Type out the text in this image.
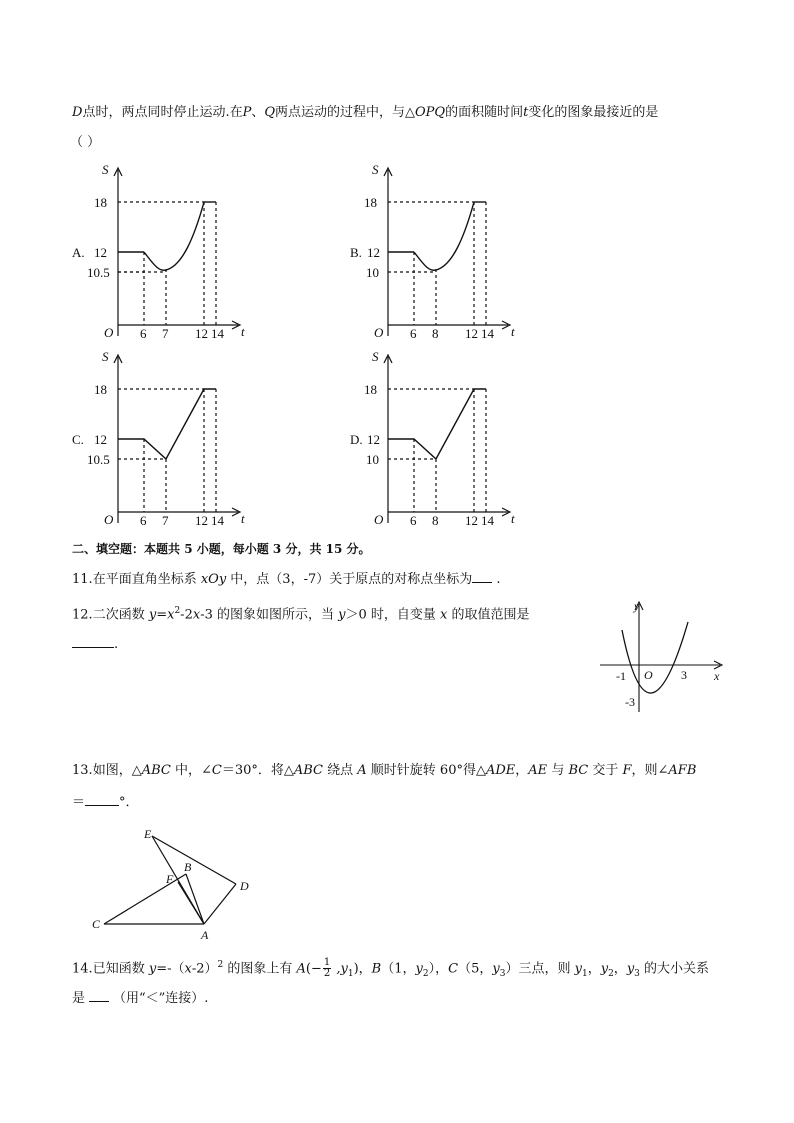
D点时，两点同时停止运动.在P、Q两点运动的过程中，与△OPQ的面积随时间t变化的图象最接近的是
（ ）
S
18
A. 12
10.5
O 6 7 12 14 t
S
18
B. 12
10
O 6 8 12 14 t
S
18
C. 12
10.5
O 6 7 12 14 t
S
18
D. 12
10
O 6 8 12 14 t
二、填空题：本题共 5 小题，每小题 3 分，共 15 分。
11.在平面直角坐标系 xOy 中，点（3，-7）关于原点的对称点坐标为 .
12.二次函数 $y=x^2-2x-3$ 的图象如图所示，当 y＞0 时，自变量 x 的取值范围是
.
y
x
O
-1	3
-3
13.如图，△ABC 中，∠C＝30°．将△ABC 绕点 A 顺时针旋转 60°得△ADE，AE 与 BC 交于 F，则∠AFB
＝	°．
E
B
F	D
C
A
14.已知函数 $y=-(x-2)^2$ 的图象上有 $A(- \frac{1}{2} ,y_1)$，B（1，$y_2$），C（5，$y_3$）三点，则 $y_1$，$y_2$，$y_3$ 的大小关系
是 （用“＜”连接）.
